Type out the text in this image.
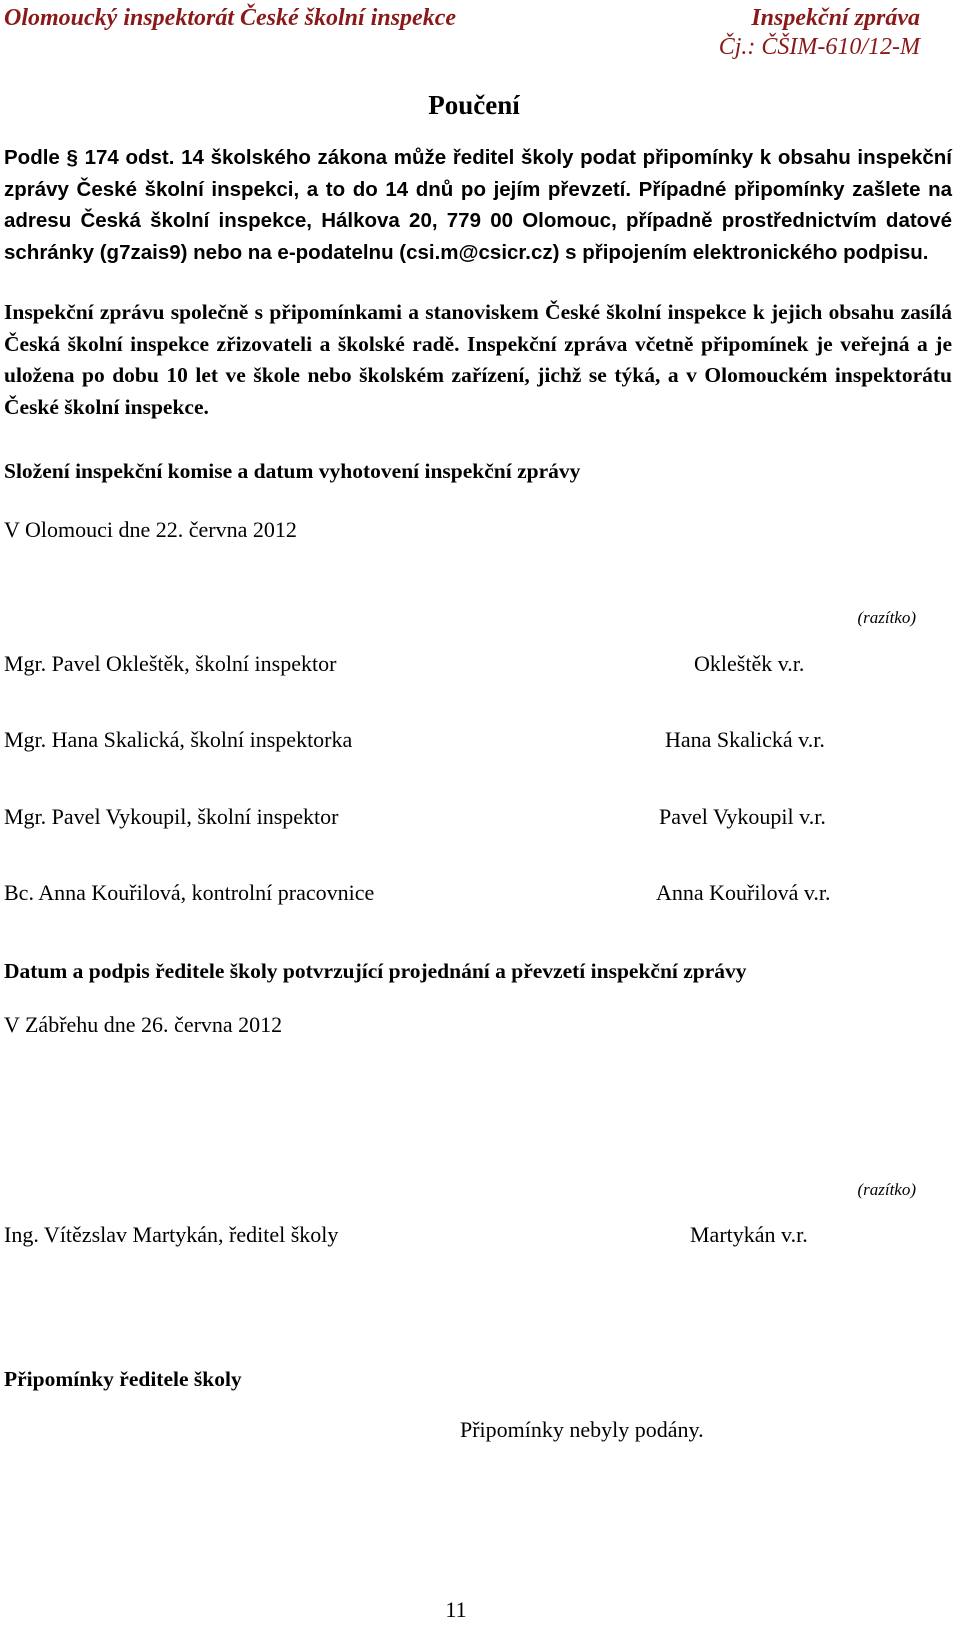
Olomoucký inspektorát České školní inspekce	Inspekční zpráva
Čj.: ČŠIM-610/12-M
Poučení
Podle § 174 odst. 14 školského zákona může ředitel školy podat připomínky k obsahu inspekční zprávy České školní inspekci, a to do 14 dnů po jejím převzetí. Případné připomínky zašlete na adresu Česká školní inspekce, Hálkova 20, 779 00 Olomouc, případně prostřednictvím datové schránky (g7zais9) nebo na e-podatelnu (csi.m@csicr.cz) s připojením elektronického podpisu.
Inspekční zprávu společně s připomínkami a stanoviskem České školní inspekce k jejich obsahu zasílá Česká školní inspekce zřizovateli a školské radě. Inspekční zpráva včetně připomínek je veřejná a je uložena po dobu 10 let ve škole nebo školském zařízení, jichž se týká, a v Olomouckém inspektorátu České školní inspekce.
Složení inspekční komise a datum vyhotovení inspekční zprávy
V Olomouci dne 22. června 2012
(razítko)
Mgr. Pavel Okleštěk, školní inspektor	Okleštěk v.r.
Mgr. Hana Skalická, školní inspektorka	Hana Skalická v.r.
Mgr. Pavel Vykoupil, školní inspektor	Pavel Vykoupil v.r.
Bc. Anna Kouřilová, kontrolní pracovnice	Anna Kouřilová v.r.
Datum a podpis ředitele školy potvrzující projednání a převzetí inspekční zprávy
V Zábřehu dne 26. června 2012
(razítko)
Ing. Vítězslav Martykán, ředitel školy	Martykán v.r.
Připomínky ředitele školy
Připomínky nebyly podány.
11
